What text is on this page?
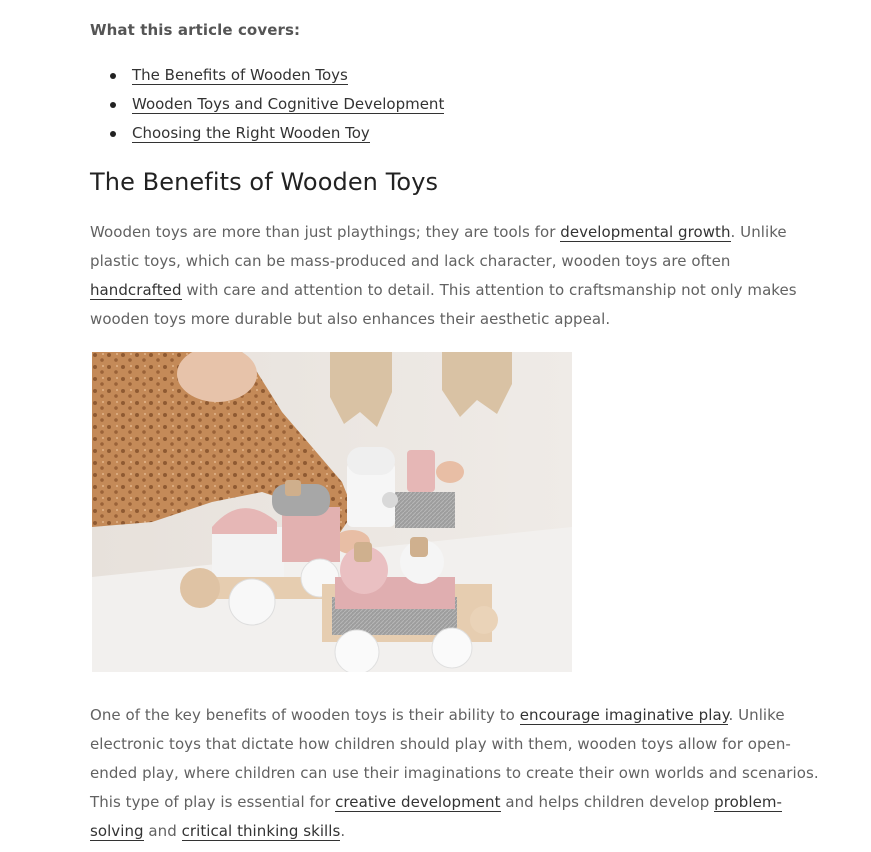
What this article covers:
The Benefits of Wooden Toys
Wooden Toys and Cognitive Development
Choosing the Right Wooden Toy
The Benefits of Wooden Toys

Wooden toys are more than just playthings; they are tools for developmental growth. Unlike plastic toys, which can be mass-produced and lack character, wooden toys are often handcrafted with care and attention to detail. This attention to craftsmanship not only makes wooden toys more durable but also enhances their aesthetic appeal.

One of the key benefits of wooden toys is their ability to encourage imaginative play. Unlike electronic toys that dictate how children should play with them, wooden toys allow for open-ended play, where children can use their imaginations to create their own worlds and scenarios. This type of play is essential for creative development and helps children develop problem-solving and critical thinking skills.
